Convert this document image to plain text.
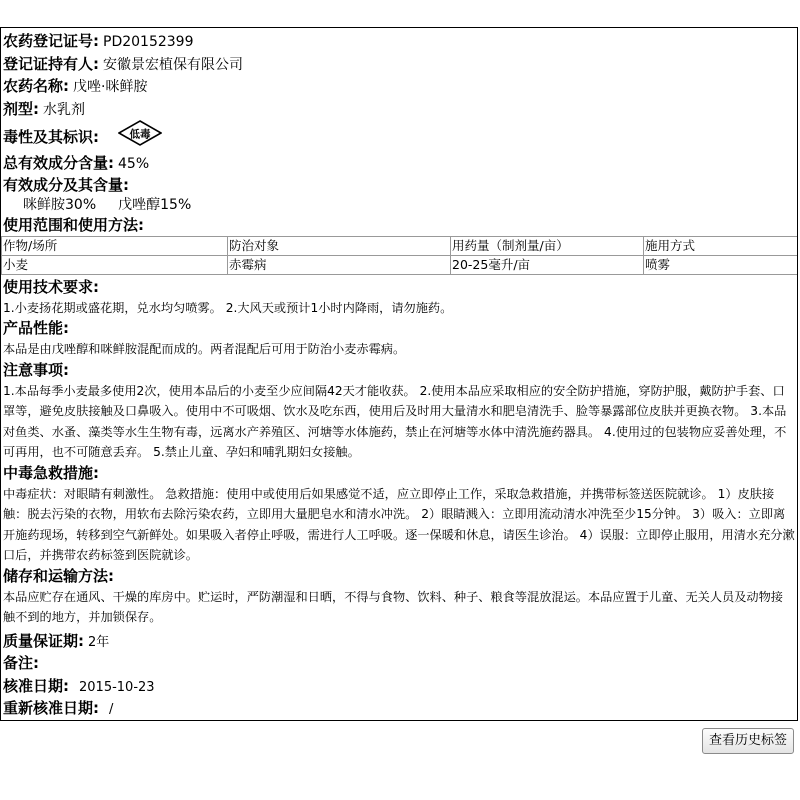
农药登记证号: PD20152399
登记证持有人: 安徽景宏植保有限公司
农药名称: 戊唑·咪鲜胺
剂型: 水乳剂
毒性及其标识:	低毒
总有效成分含量: 45%
有效成分及其含量:
咪鲜胺30% 戊唑醇15%
使用范围和使用方法:
作物/场所	防治对象	用药量（制剂量/亩）	施用方式
小麦	赤霉病	20-25毫升/亩	喷雾
使用技术要求:
1.小麦扬花期或盛花期，兑水均匀喷雾。 2.大风天或预计1小时内降雨，请勿施药。
产品性能:
本品是由戊唑醇和咪鲜胺混配而成的。两者混配后可用于防治小麦赤霉病。
注意事项:
1.本品每季小麦最多使用2次，使用本品后的小麦至少应间隔42天才能收获。 2.使用本品应采取相应的安全防护措施，穿防护服，戴防护手套、口罩等，避免皮肤接触及口鼻吸入。使用中不可吸烟、饮水及吃东西，使用后及时用大量清水和肥皂清洗手、脸等暴露部位皮肤并更换衣物。 3.本品对鱼类、水蚤、藻类等水生生物有毒，远离水产养殖区、河塘等水体施药，禁止在河塘等水体中清洗施药器具。 4.使用过的包装物应妥善处理，不可再用，也不可随意丢弃。 5.禁止儿童、孕妇和哺乳期妇女接触。
中毒急救措施:
中毒症状：对眼睛有刺激性。 急救措施：使用中或使用后如果感觉不适，应立即停止工作，采取急救措施，并携带标签送医院就诊。 1）皮肤接触：脱去污染的衣物，用软布去除污染农药，立即用大量肥皂水和清水冲洗。 2）眼睛溅入：立即用流动清水冲洗至少15分钟。 3）吸入：立即离开施药现场，转移到空气新鲜处。如果吸入者停止呼吸，需进行人工呼吸。逐一保暖和休息，请医生诊治。 4）误服：立即停止服用，用清水充分漱口后，并携带农药标签到医院就诊。
储存和运输方法:
本品应贮存在通风、干燥的库房中。贮运时，严防潮湿和日晒，不得与食物、饮料、种子、粮食等混放混运。本品应置于儿童、无关人员及动物接触不到的地方，并加锁保存。
质量保证期: 2年
备注:
核准日期: 2015-10-23
重新核准日期: /
查看历史标签
